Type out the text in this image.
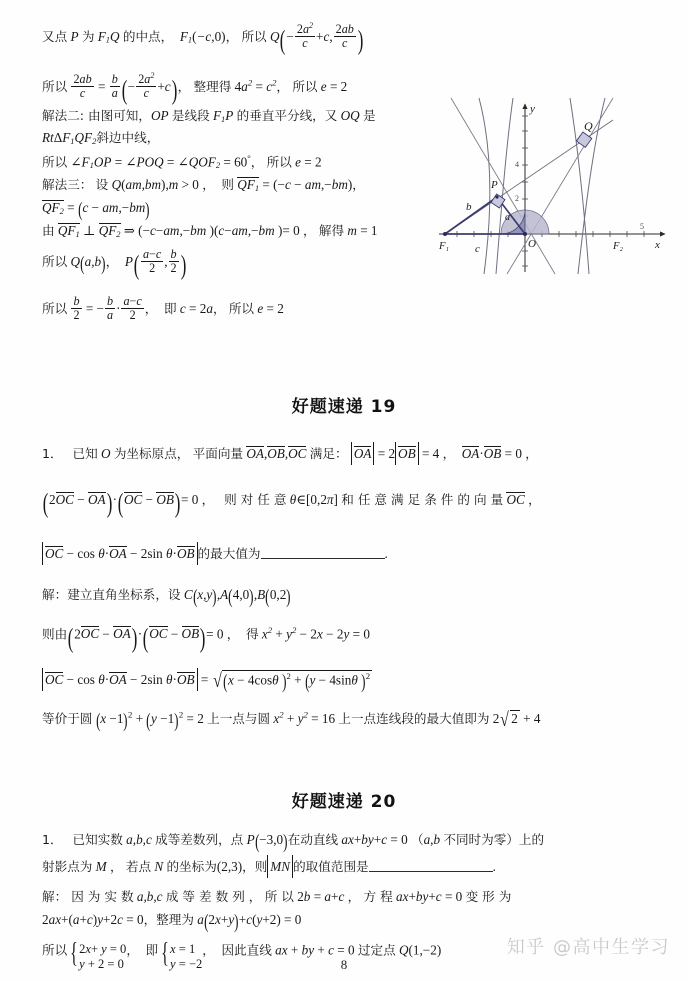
又点 P 为 $F_1Q$ 的中点， $F_1(-c,0)$， 所以 $Q(- \frac{2a^2}{c} +c$, $\frac{2ab}{c}$ )
所以 $\frac{2ab}{c} = \frac{b}{a}$ (− $\frac{2a^2}{c} +c$)， 整理得 $4a^2 = c^2$， 所以 e = 2
解法二: 由图可知，OP 是线段 $F_1P$ 的垂直平分线，又 OQ 是
$Rt\Delta F_1QF_2$斜边中线，
所以 $\angle F_1OP$ = ∠POQ = $\angle QOF_2 = 60^\circ$， 所以 e = 2
解法三： 设 Q(am,bm),m > 0 ， 则 $QF_1 = (-c - am,-bm)$，
$QF_2 = (c - am,-bm)$
由 $QF_1$ ⊥ $QF_2$ ⇒ (−c−am,−bm )(c−am,−bm )= 0 ， 解得 m = 1
所以 Q(a,b)， $P( \frac{a-c}{2}$ , $\frac{b}{2}$ )
所以 $\frac{b}{2}$ = − $\frac{b}{a} \cdot \frac{a-c}{2}$ ， 即 c = 2a， 所以 e = 2
P
Q
O
F₁	F₂	x
y
b
c
a
2
4
5
好题速递 19
1． 已知 O 为坐标原点， 平面向量 OA,OB,OC 满足： OA = 2 OB = 4 ， OA·OB = 0 ，
(2OC − OA)·(OC − OB)= 0 ， 则 对 任 意 θ∈[0,2π] 和 任 意 满 足 条 件 的 向 量 OC ，
OC − cos θ·OA − 2sin θ·OB 的最大值为	.
解：建立直角坐标系，设 C(x,y),A(4,0),B(0,2)
则由(2OC − OA)·(OC − OB)= 0 ， 得 $x^2 + y^2 - 2x - 2y = 0$
OC − cos θ·OA − 2sin θ·OB = √ (x − 4cosθ )$^2$ + (y − 4sinθ )$^2$
等价于圆 $(x -1)^2 + (y -1)^2 = 2$ 上一点与圆 $x^2 + y^2 = 16$ 上一点连线段的最大值即为 2√ 2 + 4
好题速递 20
1． 已知实数 a,b,c 成等差数列，点 P(−3,0)在动直线 ax+by+c = 0 （a,b 不同时为零）上的
射影点为 M ， 若点 N 的坐标为(2,3)，则 MN 的取值范围是	.
解： 因 为 实 数 a,b,c 成 等 差 数 列 ， 所 以 2b = a+c ， 方 程 ax+by+c = 0 变 形 为
2ax+(a+c)y+2c = 0，整理为 a(2x+y)+c(y+2) = 0
所以 { 2x+ y = 0
y + 2 = 0
， 即 { x = 1
y = −2
， 因此直线 ax + by + c = 0 过定点 Q(1,−2)
8
知乎 @高中生学习
